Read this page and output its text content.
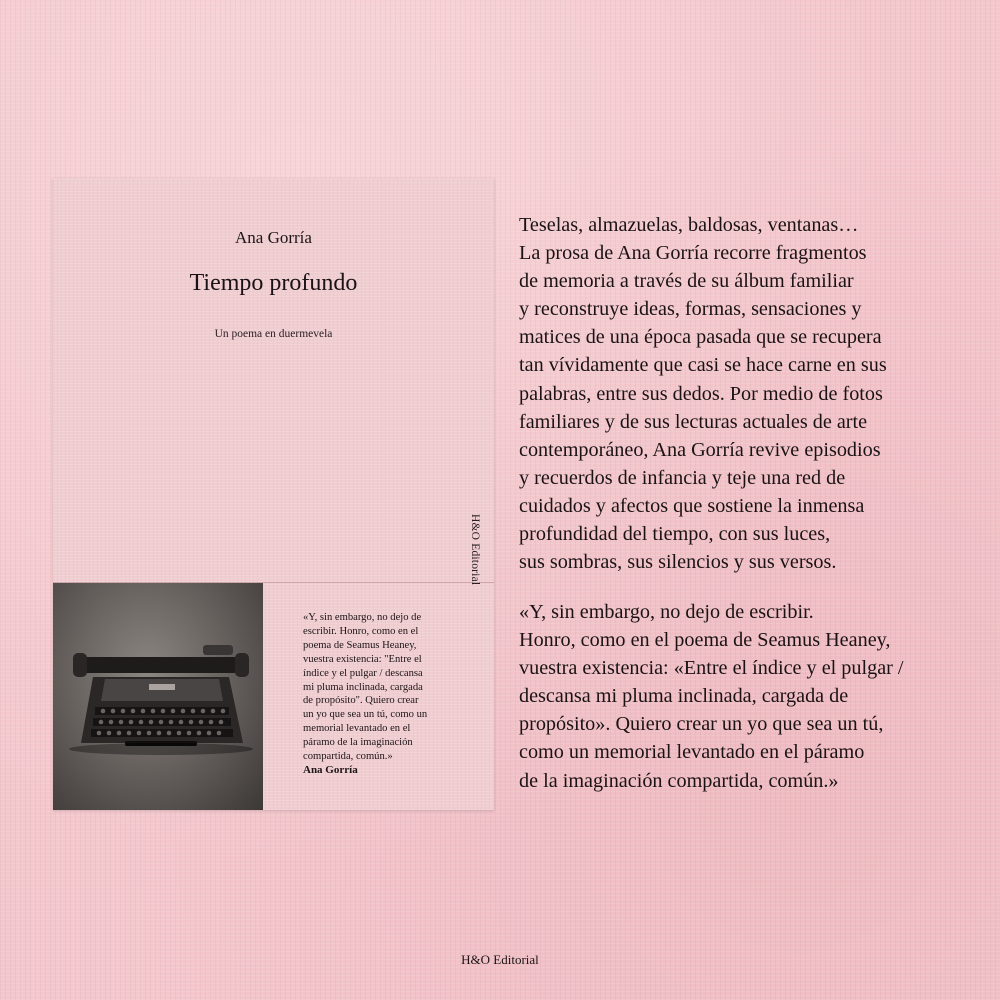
Ana Gorría
Tiempo profundo
Un poema en duermevela
H&O Editorial
«Y, sin embargo, no dejo de
escribir. Honro, como en el
poema de Seamus Heaney,
vuestra existencia: "Entre el
índice y el pulgar / descansa
mi pluma inclinada, cargada
de propósito". Quiero crear
un yo que sea un tú, como un
memorial levantado en el
páramo de la imaginación
compartida, común.»
Ana Gorría
Teselas, almazuelas, baldosas, ventanas…
La prosa de Ana Gorría recorre fragmentos
de memoria a través de su álbum familiar
y reconstruye ideas, formas, sensaciones y
matices de una época pasada que se recupera
tan vívidamente que casi se hace carne en sus
palabras, entre sus dedos. Por medio de fotos
familiares y de sus lecturas actuales de arte
contemporáneo, Ana Gorría revive episodios
y recuerdos de infancia y teje una red de
cuidados y afectos que sostiene la inmensa
profundidad del tiempo, con sus luces,
sus sombras, sus silencios y sus versos.
«Y, sin embargo, no dejo de escribir.
Honro, como en el poema de Seamus Heaney,
vuestra existencia: «Entre el índice y el pulgar /
descansa mi pluma inclinada, cargada de
propósito». Quiero crear un yo que sea un tú,
como un memorial levantado en el páramo
de la imaginación compartida, común.»
H&O Editorial
